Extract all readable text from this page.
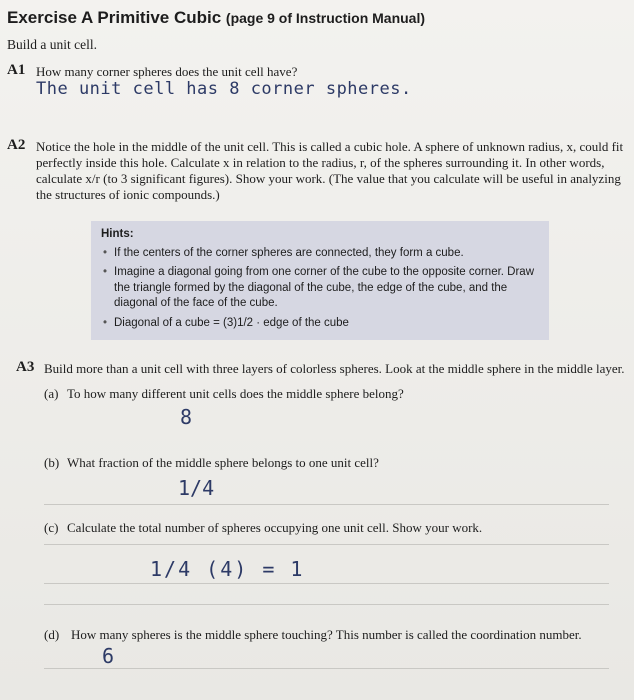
Exercise A Primitive Cubic (page 9 of Instruction Manual)
Build a unit cell.
A1 How many corner spheres does the unit cell have?
The unit cell has 8 corner spheres.
A2 Notice the hole in the middle of the unit cell. This is called a cubic hole. A sphere of unknown radius, x, could fit perfectly inside this hole. Calculate x in relation to the radius, r, of the spheres surrounding it. In other words, calculate x/r (to 3 significant figures). Show your work. (The value that you calculate will be useful in analyzing the structures of ionic compounds.)
Hints:
• If the centers of the corner spheres are connected, they form a cube.
• Imagine a diagonal going from one corner of the cube to the opposite corner. Draw the triangle formed by the diagonal of the cube, the edge of the cube, and the diagonal of the face of the cube.
• Diagonal of a cube = (3)1/2 · edge of the cube
A3 Build more than a unit cell with three layers of colorless spheres. Look at the middle sphere in the middle layer.
(a) To how many different unit cells does the middle sphere belong?
8
(b) What fraction of the middle sphere belongs to one unit cell?
1/4
(c) Calculate the total number of spheres occupying one unit cell. Show your work.
1/4 (4) = 1
(d) How many spheres is the middle sphere touching? This number is called the coordination number.
6
